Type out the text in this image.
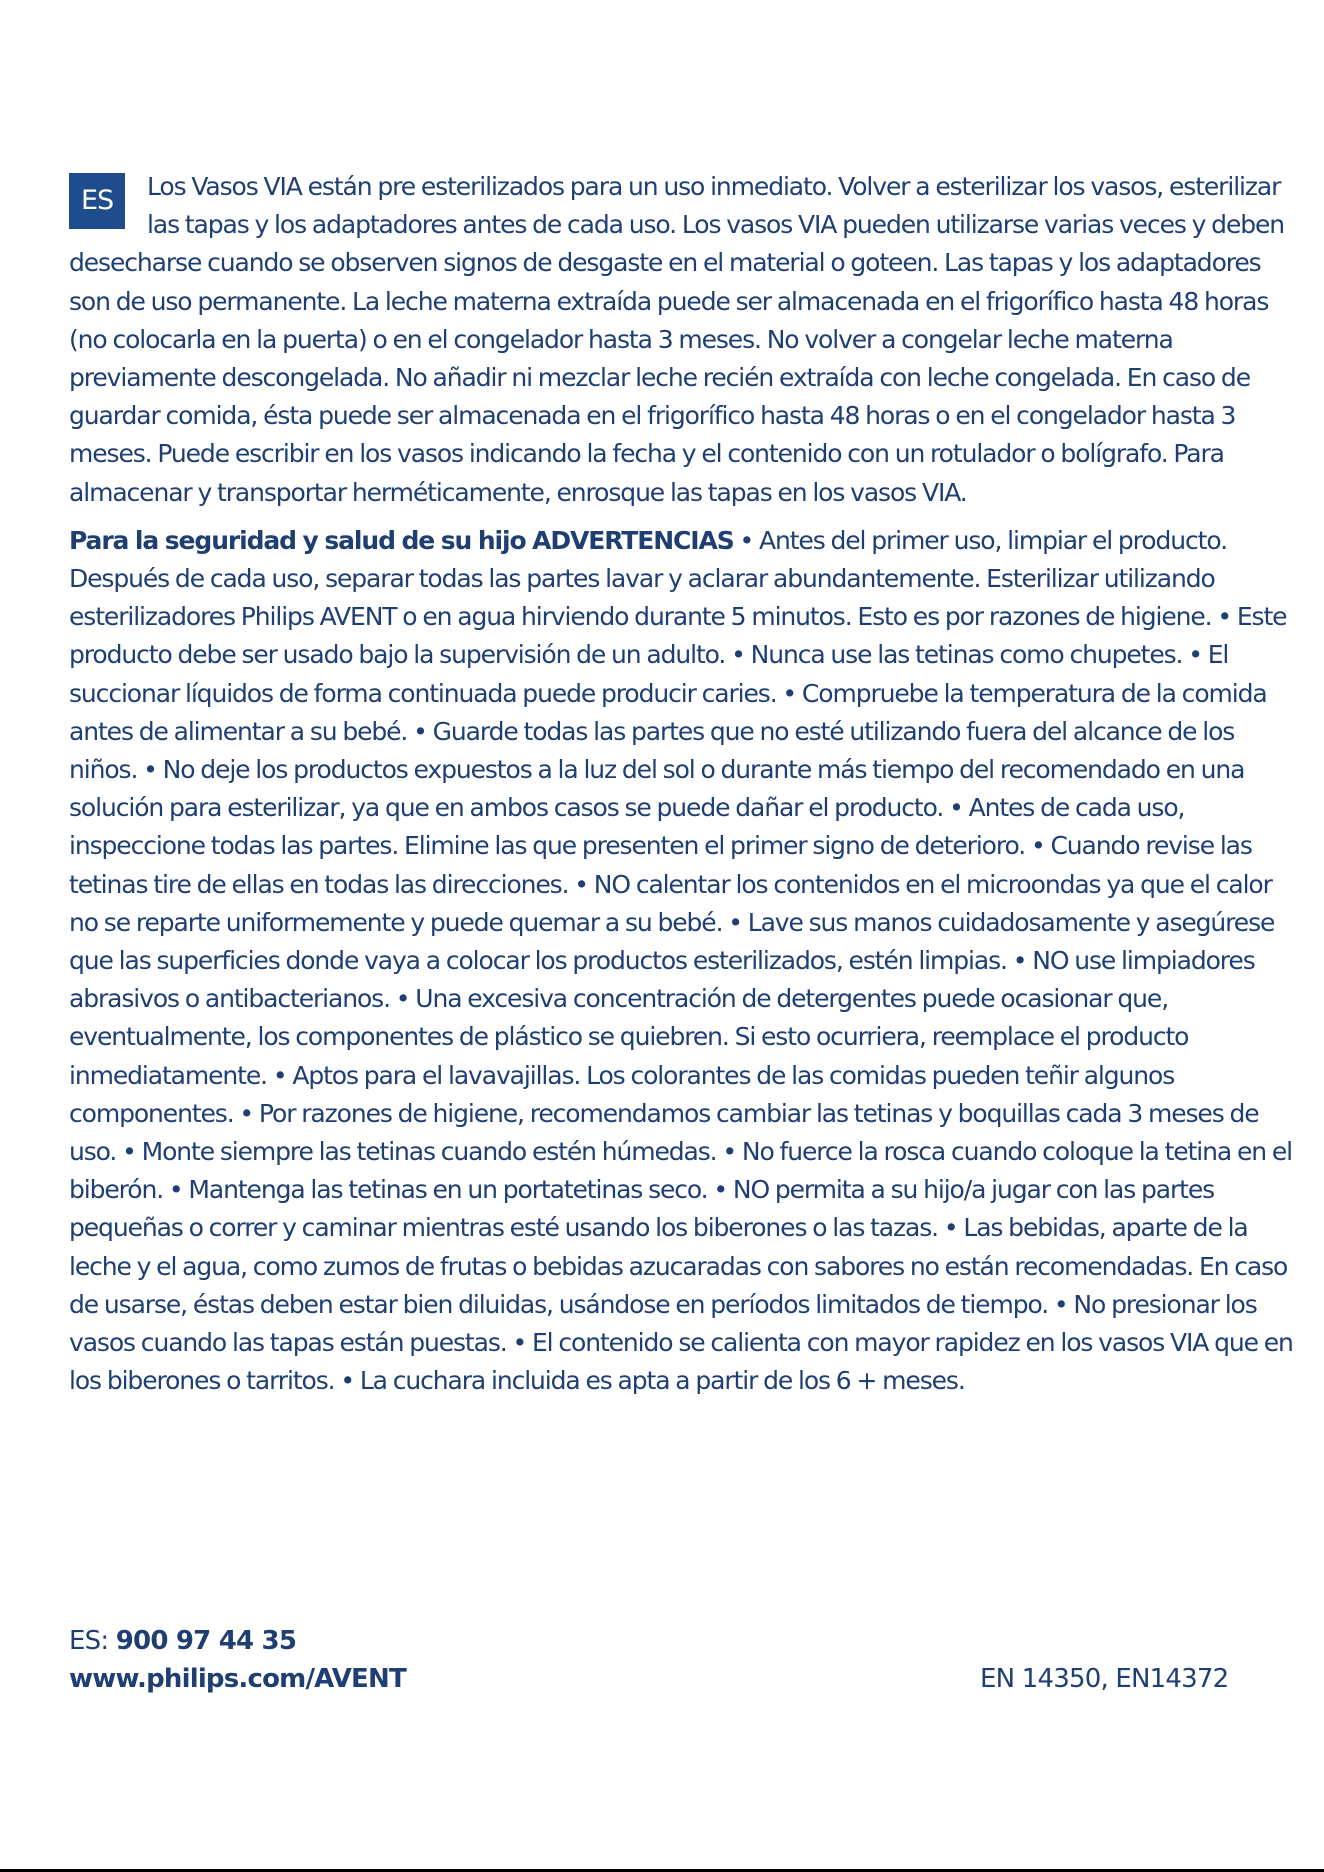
ES	Los Vasos VIA están pre esterilizados para un uso inmediato. Volver a esterilizar los vasos, esterilizar las tapas y los adaptadores antes de cada uso. Los vasos VIA pueden utilizarse varias veces y deben desecharse cuando se observen signos de desgaste en el material o goteen. Las tapas y los adaptadores son de uso permanente. La leche materna extraída puede ser almacenada en el frigorífico hasta 48 horas (no colocarla en la puerta) o en el congelador hasta 3 meses. No volver a congelar leche materna previamente descongelada. No añadir ni mezclar leche recién extraída con leche congelada. En caso de guardar comida, ésta puede ser almacenada en el frigorífico hasta 48 horas o en el congelador hasta 3 meses. Puede escribir en los vasos indicando la fecha y el contenido con un rotulador o bolígrafo. Para almacenar y transportar herméticamente, enrosque las tapas en los vasos VIA.

Para la seguridad y salud de su hijo ADVERTENCIAS • Antes del primer uso, limpiar el producto. Después de cada uso, separar todas las partes lavar y aclarar abundantemente. Esterilizar utilizando esterilizadores Philips AVENT o en agua hirviendo durante 5 minutos. Esto es por razones de higiene. • Este producto debe ser usado bajo la supervisión de un adulto. • Nunca use las tetinas como chupetes. • El succionar líquidos de forma continuada puede producir caries. • Compruebe la temperatura de la comida antes de alimentar a su bebé. • Guarde todas las partes que no esté utilizando fuera del alcance de los niños. • No deje los productos expuestos a la luz del sol o durante más tiempo del recomendado en una solución para esterilizar, ya que en ambos casos se puede dañar el producto. • Antes de cada uso, inspeccione todas las partes. Elimine las que presenten el primer signo de deterioro. • Cuando revise las tetinas tire de ellas en todas las direcciones. • NO calentar los contenidos en el microondas ya que el calor no se reparte uniformemente y puede quemar a su bebé. • Lave sus manos cuidadosamente y asegúrese que las superficies donde vaya a colocar los productos esterilizados, estén limpias. • NO use limpiadores abrasivos o antibacterianos. • Una excesiva concentración de detergentes puede ocasionar que, eventualmente, los componentes de plástico se quiebren. Si esto ocurriera, reemplace el producto inmediatamente. • Aptos para el lavavajillas. Los colorantes de las comidas pueden teñir algunos componentes. • Por razones de higiene, recomendamos cambiar las tetinas y boquillas cada 3 meses de uso. • Monte siempre las tetinas cuando estén húmedas. • No fuerce la rosca cuando coloque la tetina en el biberón. • Mantenga las tetinas en un portatetinas seco. • NO permita a su hijo/a jugar con las partes pequeñas o correr y caminar mientras esté usando los biberones o las tazas. • Las bebidas, aparte de la leche y el agua, como zumos de frutas o bebidas azucaradas con sabores no están recomendadas. En caso de usarse, éstas deben estar bien diluidas, usándose en períodos limitados de tiempo. • No presionar los vasos cuando las tapas están puestas. • El contenido se calienta con mayor rapidez en los vasos VIA que en los biberones o tarritos. • La cuchara incluida es apta a partir de los 6 + meses.

ES: 900 97 44 35
www.philips.com/AVENT	EN 14350, EN14372
